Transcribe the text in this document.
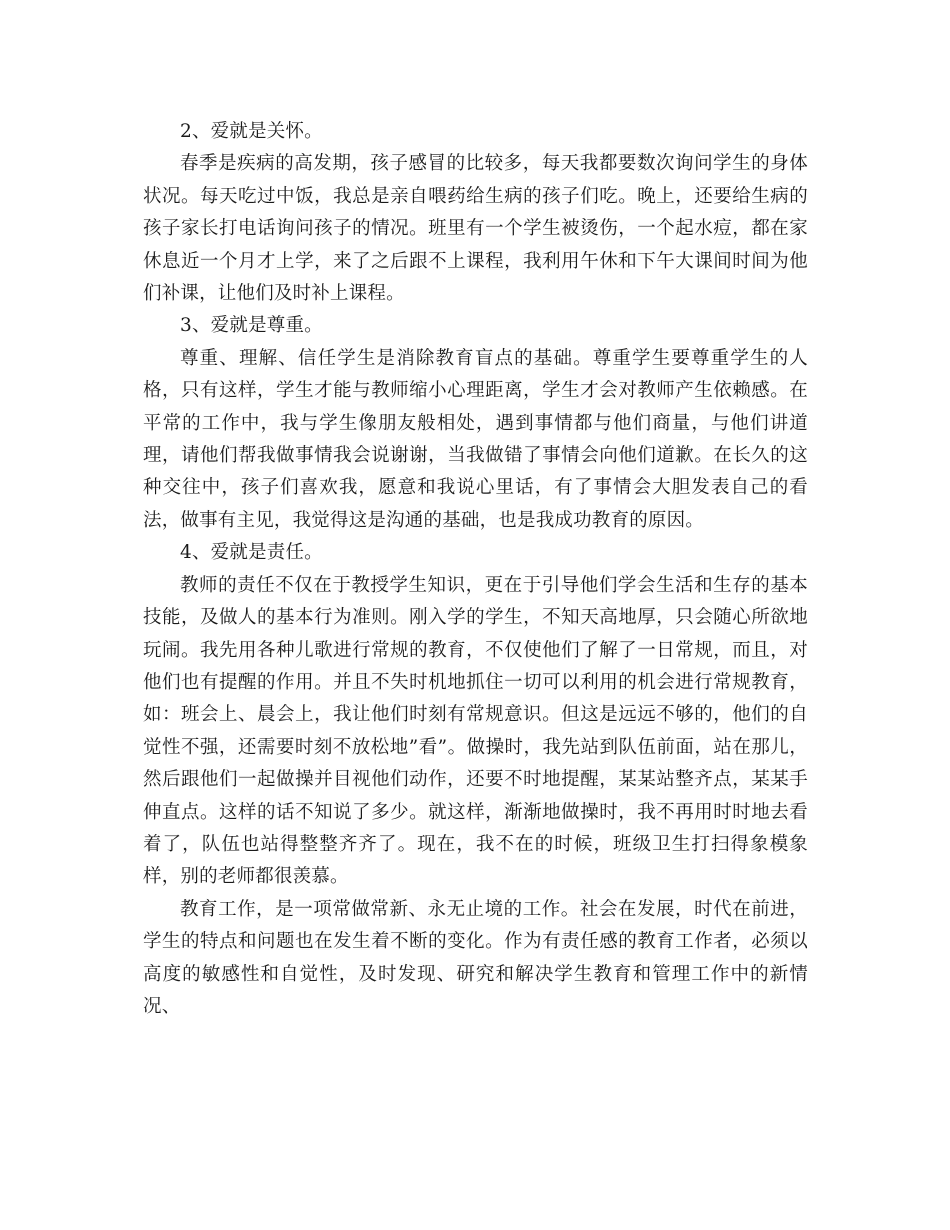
2、爱就是关怀。

春季是疾病的高发期，孩子感冒的比较多，每天我都要数次询问学生的身体状况。每天吃过中饭，我总是亲自喂药给生病的孩子们吃。晚上，还要给生病的孩子家长打电话询问孩子的情况。班里有一个学生被烫伤，一个起水痘，都在家休息近一个月才上学，来了之后跟不上课程，我利用午休和下午大课间时间为他们补课，让他们及时补上课程。

3、爱就是尊重。

尊重、理解、信任学生是消除教育盲点的基础。尊重学生要尊重学生的人格，只有这样，学生才能与教师缩小心理距离，学生才会对教师产生依赖感。在平常的工作中，我与学生像朋友般相处，遇到事情都与他们商量，与他们讲道理，请他们帮我做事情我会说谢谢，当我做错了事情会向他们道歉。在长久的这种交往中，孩子们喜欢我，愿意和我说心里话，有了事情会大胆发表自己的看法，做事有主见，我觉得这是沟通的基础，也是我成功教育的原因。

4、爱就是责任。

教师的责任不仅在于教授学生知识，更在于引导他们学会生活和生存的基本技能，及做人的基本行为准则。刚入学的学生，不知天高地厚，只会随心所欲地玩闹。我先用各种儿歌进行常规的教育，不仅使他们了解了一日常规，而且，对他们也有提醒的作用。并且不失时机地抓住一切可以利用的机会进行常规教育，如：班会上、晨会上，我让他们时刻有常规意识。但这是远远不够的，他们的自觉性不强，还需要时刻不放松地”看”。做操时，我先站到队伍前面，站在那儿，然后跟他们一起做操并目视他们动作，还要不时地提醒，某某站整齐点，某某手伸直点。这样的话不知说了多少。就这样，渐渐地做操时，我不再用时时地去看着了，队伍也站得整整齐齐了。现在，我不在的时候，班级卫生打扫得象模象样，别的老师都很羡慕。

教育工作，是一项常做常新、永无止境的工作。社会在发展，时代在前进，学生的特点和问题也在发生着不断的变化。作为有责任感的教育工作者，必须以高度的敏感性和自觉性，及时发现、研究和解决学生教育和管理工作中的新情况、
